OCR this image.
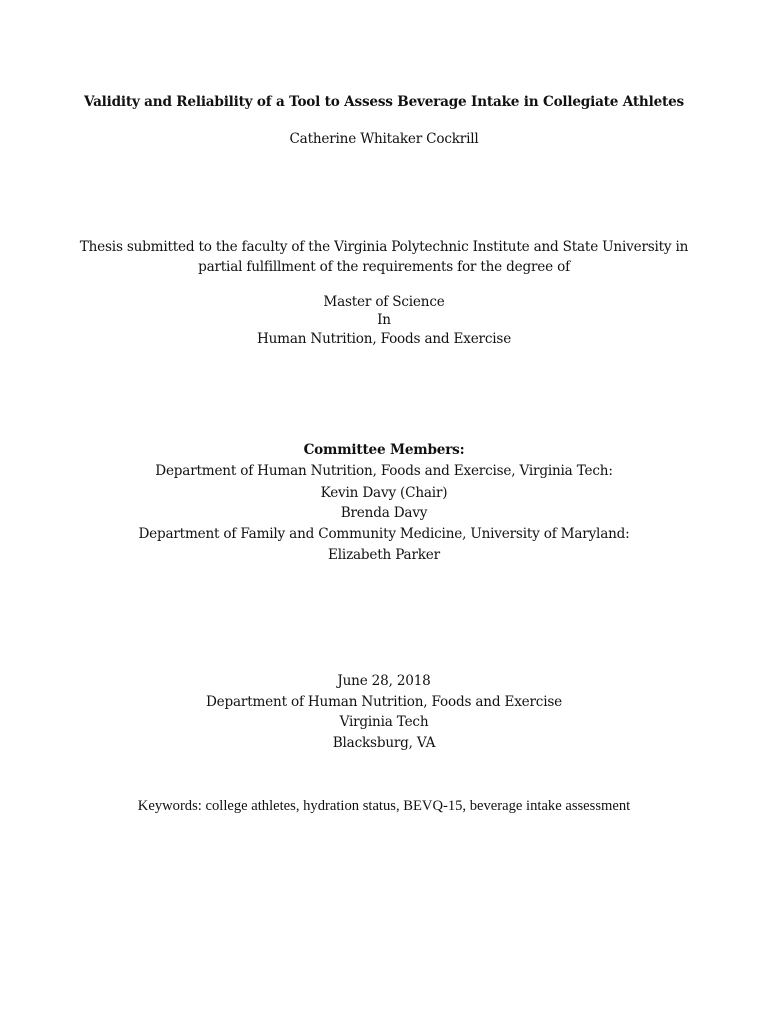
Validity and Reliability of a Tool to Assess Beverage Intake in Collegiate Athletes
Catherine Whitaker Cockrill
Thesis submitted to the faculty of the Virginia Polytechnic Institute and State University in
partial fulfillment of the requirements for the degree of
Master of Science
In
Human Nutrition, Foods and Exercise
Committee Members:
Department of Human Nutrition, Foods and Exercise, Virginia Tech:
Kevin Davy (Chair)
Brenda Davy
Department of Family and Community Medicine, University of Maryland:
Elizabeth Parker
June 28, 2018
Department of Human Nutrition, Foods and Exercise
Virginia Tech
Blacksburg, VA
Keywords: college athletes, hydration status, BEVQ-15, beverage intake assessment
